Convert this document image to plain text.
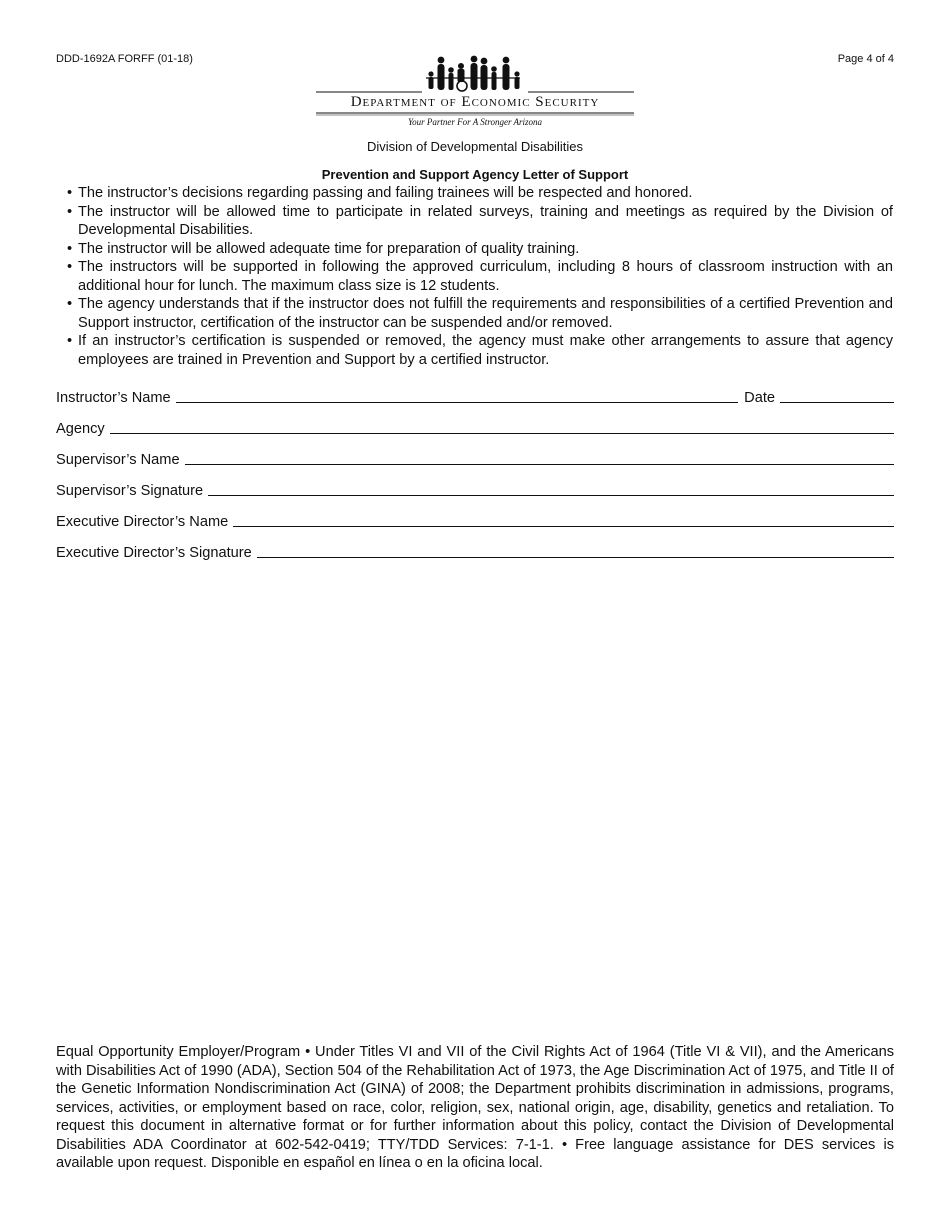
DDD-1692A FORFF (01-18)	Page 4 of 4
Department of Economic Security
Your Partner For A Stronger Arizona
Division of Developmental Disabilities
Prevention and Support Agency Letter of Support
• The instructor’s decisions regarding passing and failing trainees will be respected and honored.
• The instructor will be allowed time to participate in related surveys, training and meetings as required by the Division of Developmental Disabilities.
• The instructor will be allowed adequate time for preparation of quality training.
• The instructors will be supported in following the approved curriculum, including 8 hours of classroom instruction with an additional hour for lunch. The maximum class size is 12 students.
• The agency understands that if the instructor does not fulfill the requirements and responsibilities of a certified Prevention and Support instructor, certification of the instructor can be suspended and/or removed.
• If an instructor’s certification is suspended or removed, the agency must make other arrangements to assure that agency employees are trained in Prevention and Support by a certified instructor.
Instructor’s Name	Date
Agency
Supervisor’s Name
Supervisor’s Signature
Executive Director’s Name
Executive Director’s Signature

Equal Opportunity Employer/Program • Under Titles VI and VII of the Civil Rights Act of 1964 (Title VI & VII), and the Americans with Disabilities Act of 1990 (ADA), Section 504 of the Rehabilitation Act of 1973, the Age Discrimination Act of 1975, and Title II of the Genetic Information Nondiscrimination Act (GINA) of 2008; the Department prohibits discrimination in admissions, programs, services, activities, or employment based on race, color, religion, sex, national origin, age, disability, genetics and retaliation. To request this document in alternative format or for further information about this policy, contact the Division of Developmental Disabilities ADA Coordinator at 602-542-0419; TTY/TDD Services: 7-1-1. • Free language assistance for DES services is available upon request. Disponible en español en línea o en la oficina local.
